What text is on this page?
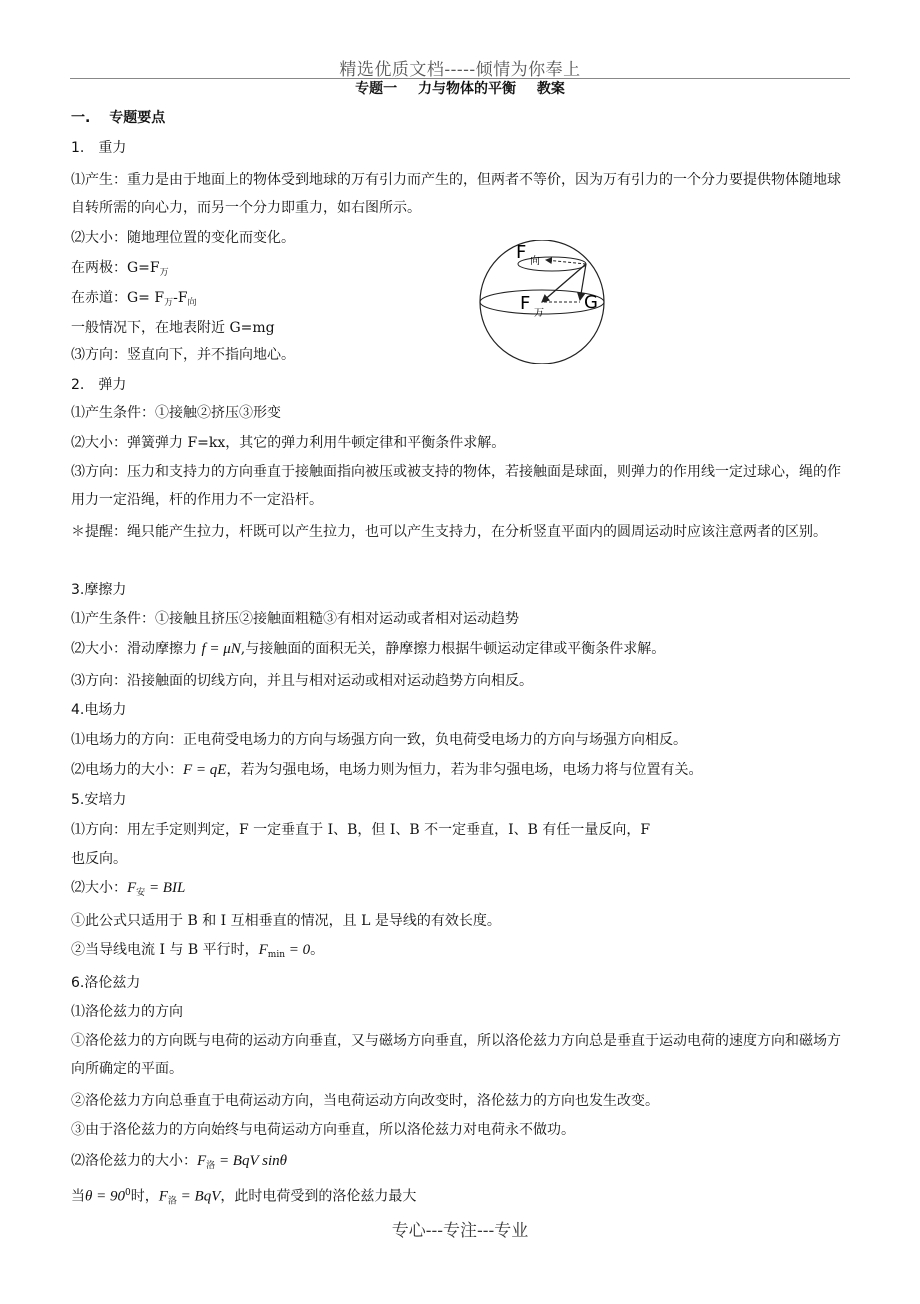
精选优质文档-----倾情为你奉上
专题一 力与物体的平衡 教案
一.　 专题要点
1.　重力
⑴产生：重力是由于地面上的物体受到地球的万有引力而产生的，但两者不等价，因为万有引力的一个分力要提供物体随地球自转所需的向心力，而另一个分力即重力，如右图所示。
⑵大小：随地理位置的变化而变化。
在两极：$G=F_万$
在赤道：$G= F_万-F_向$
一般情况下，在地表附近 G=mg
⑶方向：竖直向下，并不指向地心。
F 向
F 万
G
2.　弹力
⑴产生条件：①接触②挤压③形变
⑵大小：弹簧弹力 F=kx，其它的弹力利用牛顿定律和平衡条件求解。
⑶方向：压力和支持力的方向垂直于接触面指向被压或被支持的物体，若接触面是球面，则弹力的作用线一定过球心，绳的作用力一定沿绳，杆的作用力不一定沿杆。
＊提醒：绳只能产生拉力，杆既可以产生拉力，也可以产生支持力，在分析竖直平面内的圆周运动时应该注意两者的区别。
3.摩擦力
⑴产生条件：①接触且挤压②接触面粗糙③有相对运动或者相对运动趋势
⑵大小：滑动摩擦力 f = μN,与接触面的面积无关，静摩擦力根据牛顿运动定律或平衡条件求解。
⑶方向：沿接触面的切线方向，并且与相对运动或相对运动趋势方向相反。
4.电场力
⑴电场力的方向：正电荷受电场力的方向与场强方向一致，负电荷受电场力的方向与场强方向相反。
⑵电场力的大小：F = qE，若为匀强电场，电场力则为恒力，若为非匀强电场，电场力将与位置有关。
5.安培力
⑴方向：用左手定则判定，F 一定垂直于 I、B，但 I、B 不一定垂直，I、B 有任一量反向，F
也反向。
⑵大小：$F_安$ = BIL
①此公式只适用于 B 和 I 互相垂直的情况，且 L 是导线的有效长度。
②当导线电流 I 与 B 平行时，$F_{min} = 0$。
6.洛伦兹力
⑴洛伦兹力的方向
①洛伦兹力的方向既与电荷的运动方向垂直，又与磁场方向垂直，所以洛伦兹力方向总是垂直于运动电荷的速度方向和磁场方向所确定的平面。
②洛伦兹力方向总垂直于电荷运动方向，当电荷运动方向改变时，洛伦兹力的方向也发生改变。
③由于洛伦兹力的方向始终与电荷运动方向垂直，所以洛伦兹力对电荷永不做功。
⑵洛伦兹力的大小：$F_洛$ = BqV sinθ
当$\theta = 90^0$时，$F_洛$ = BqV，此时电荷受到的洛伦兹力最大
专心---专注---专业
